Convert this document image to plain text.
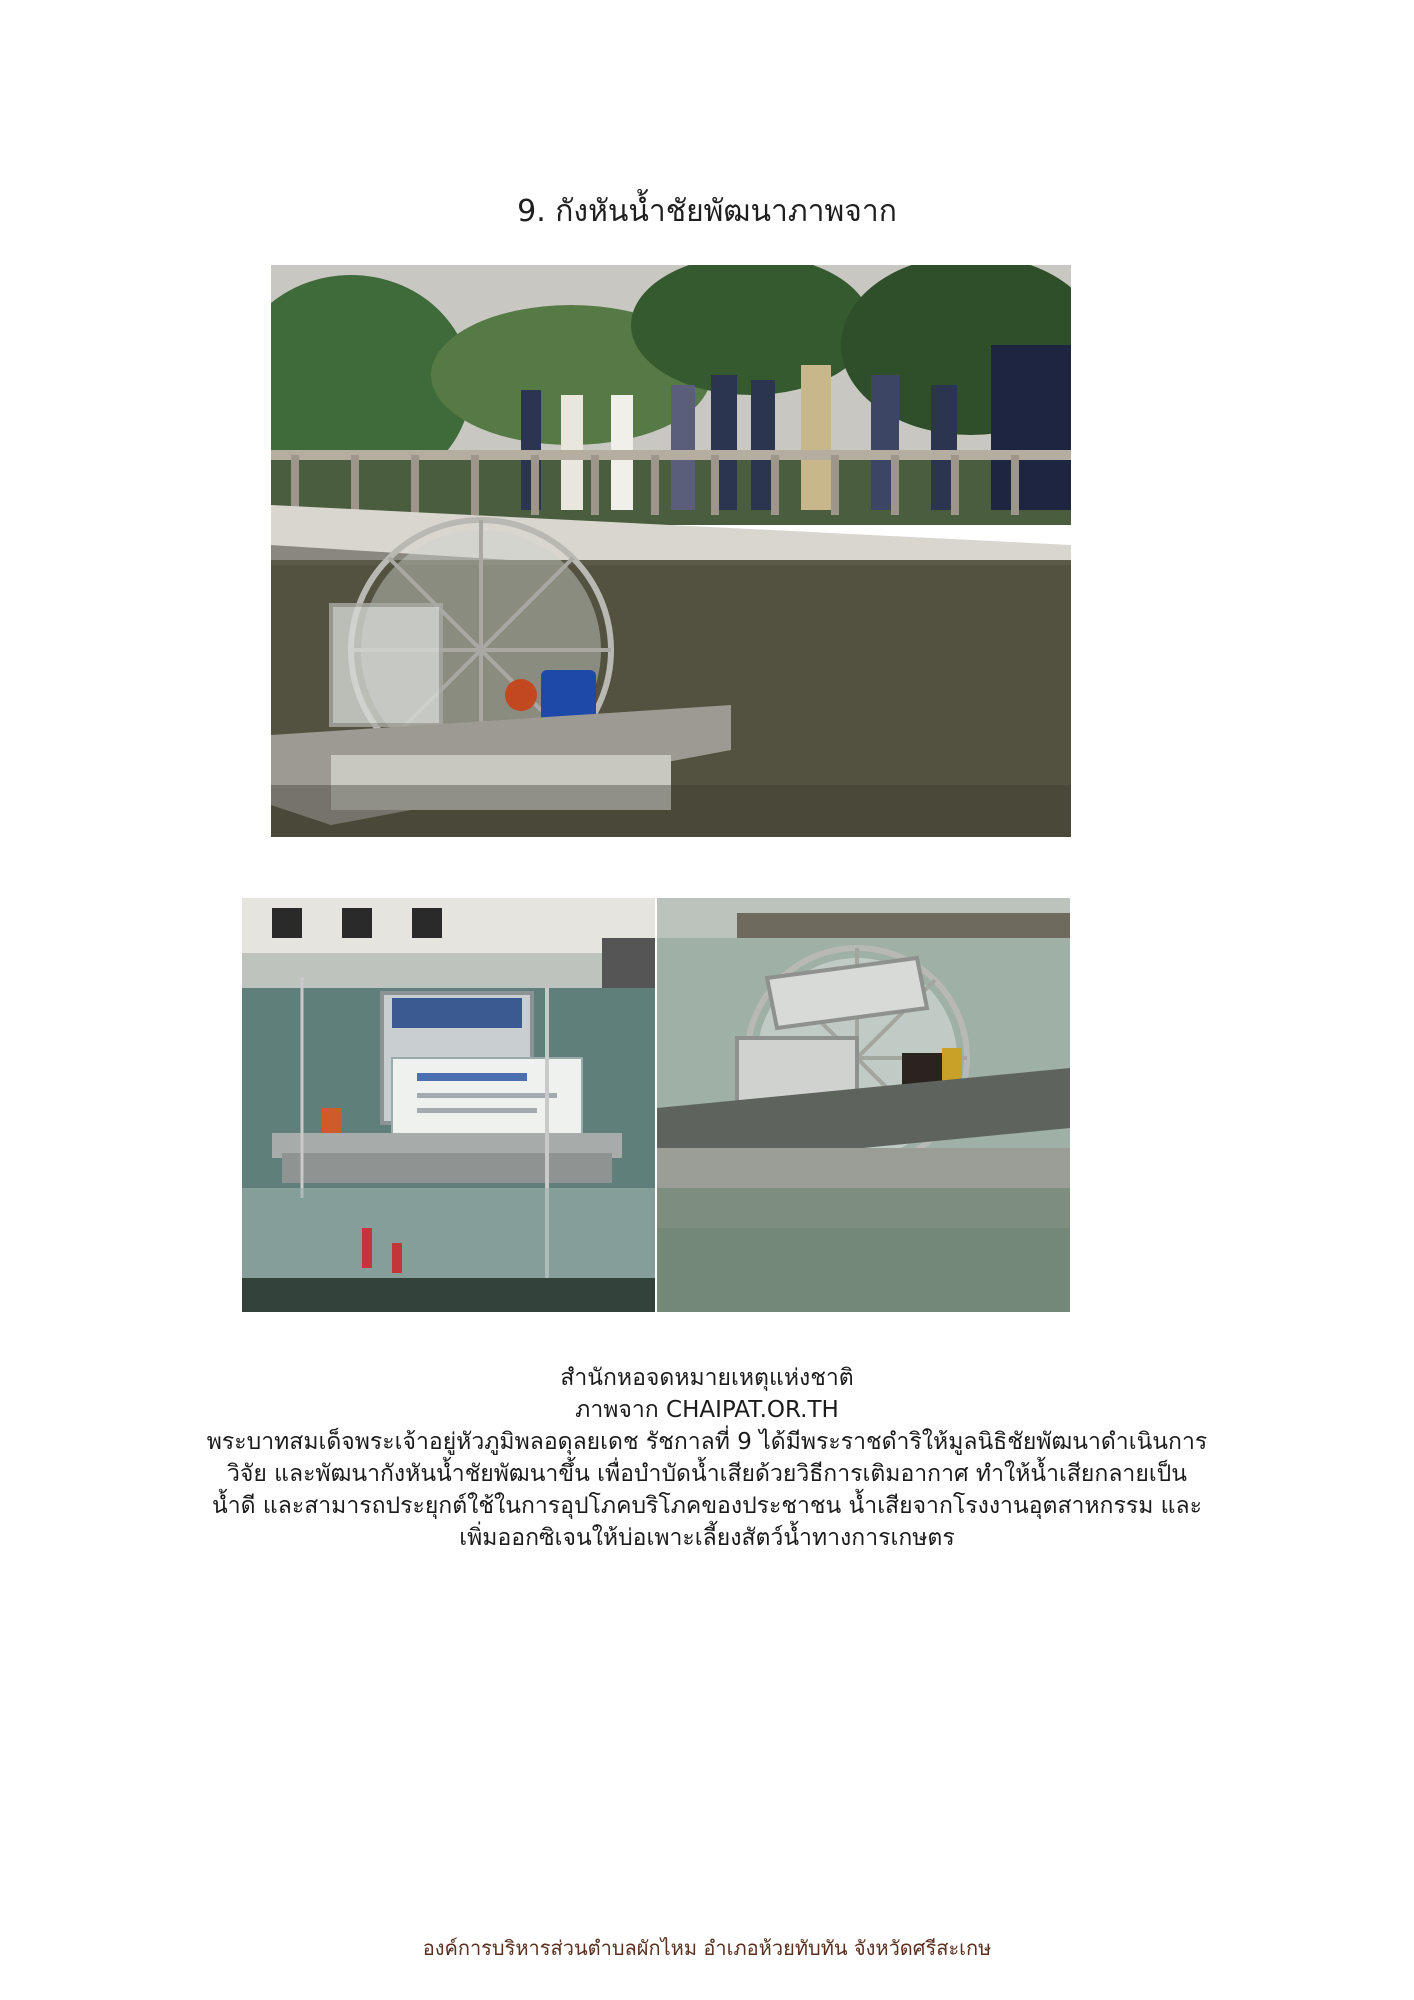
9. กังหันน้ำชัยพัฒนาภาพจาก

สำนักหอจดหมายเหตุแห่งชาติ

ภาพจาก CHAIPAT.OR.TH

พระบาทสมเด็จพระเจ้าอยู่หัวภูมิพลอดุลยเดช รัชกาลที่ 9 ได้มีพระราชดำริให้มูลนิธิชัยพัฒนาดำเนินการ

วิจัย และพัฒนากังหันน้ำชัยพัฒนาขึ้น เพื่อบำบัดน้ำเสียด้วยวิธีการเติมอากาศ ทำให้น้ำเสียกลายเป็น

น้ำดี และสามารถประยุกต์ใช้ในการอุปโภคบริโภคของประชาชน น้ำเสียจากโรงงานอุตสาหกรรม และ

เพิ่มออกซิเจนให้บ่อเพาะเลี้ยงสัตว์น้ำทางการเกษตร

องค์การบริหารส่วนตำบลผักไหม อำเภอห้วยทับทัน จังหวัดศรีสะเกษ
